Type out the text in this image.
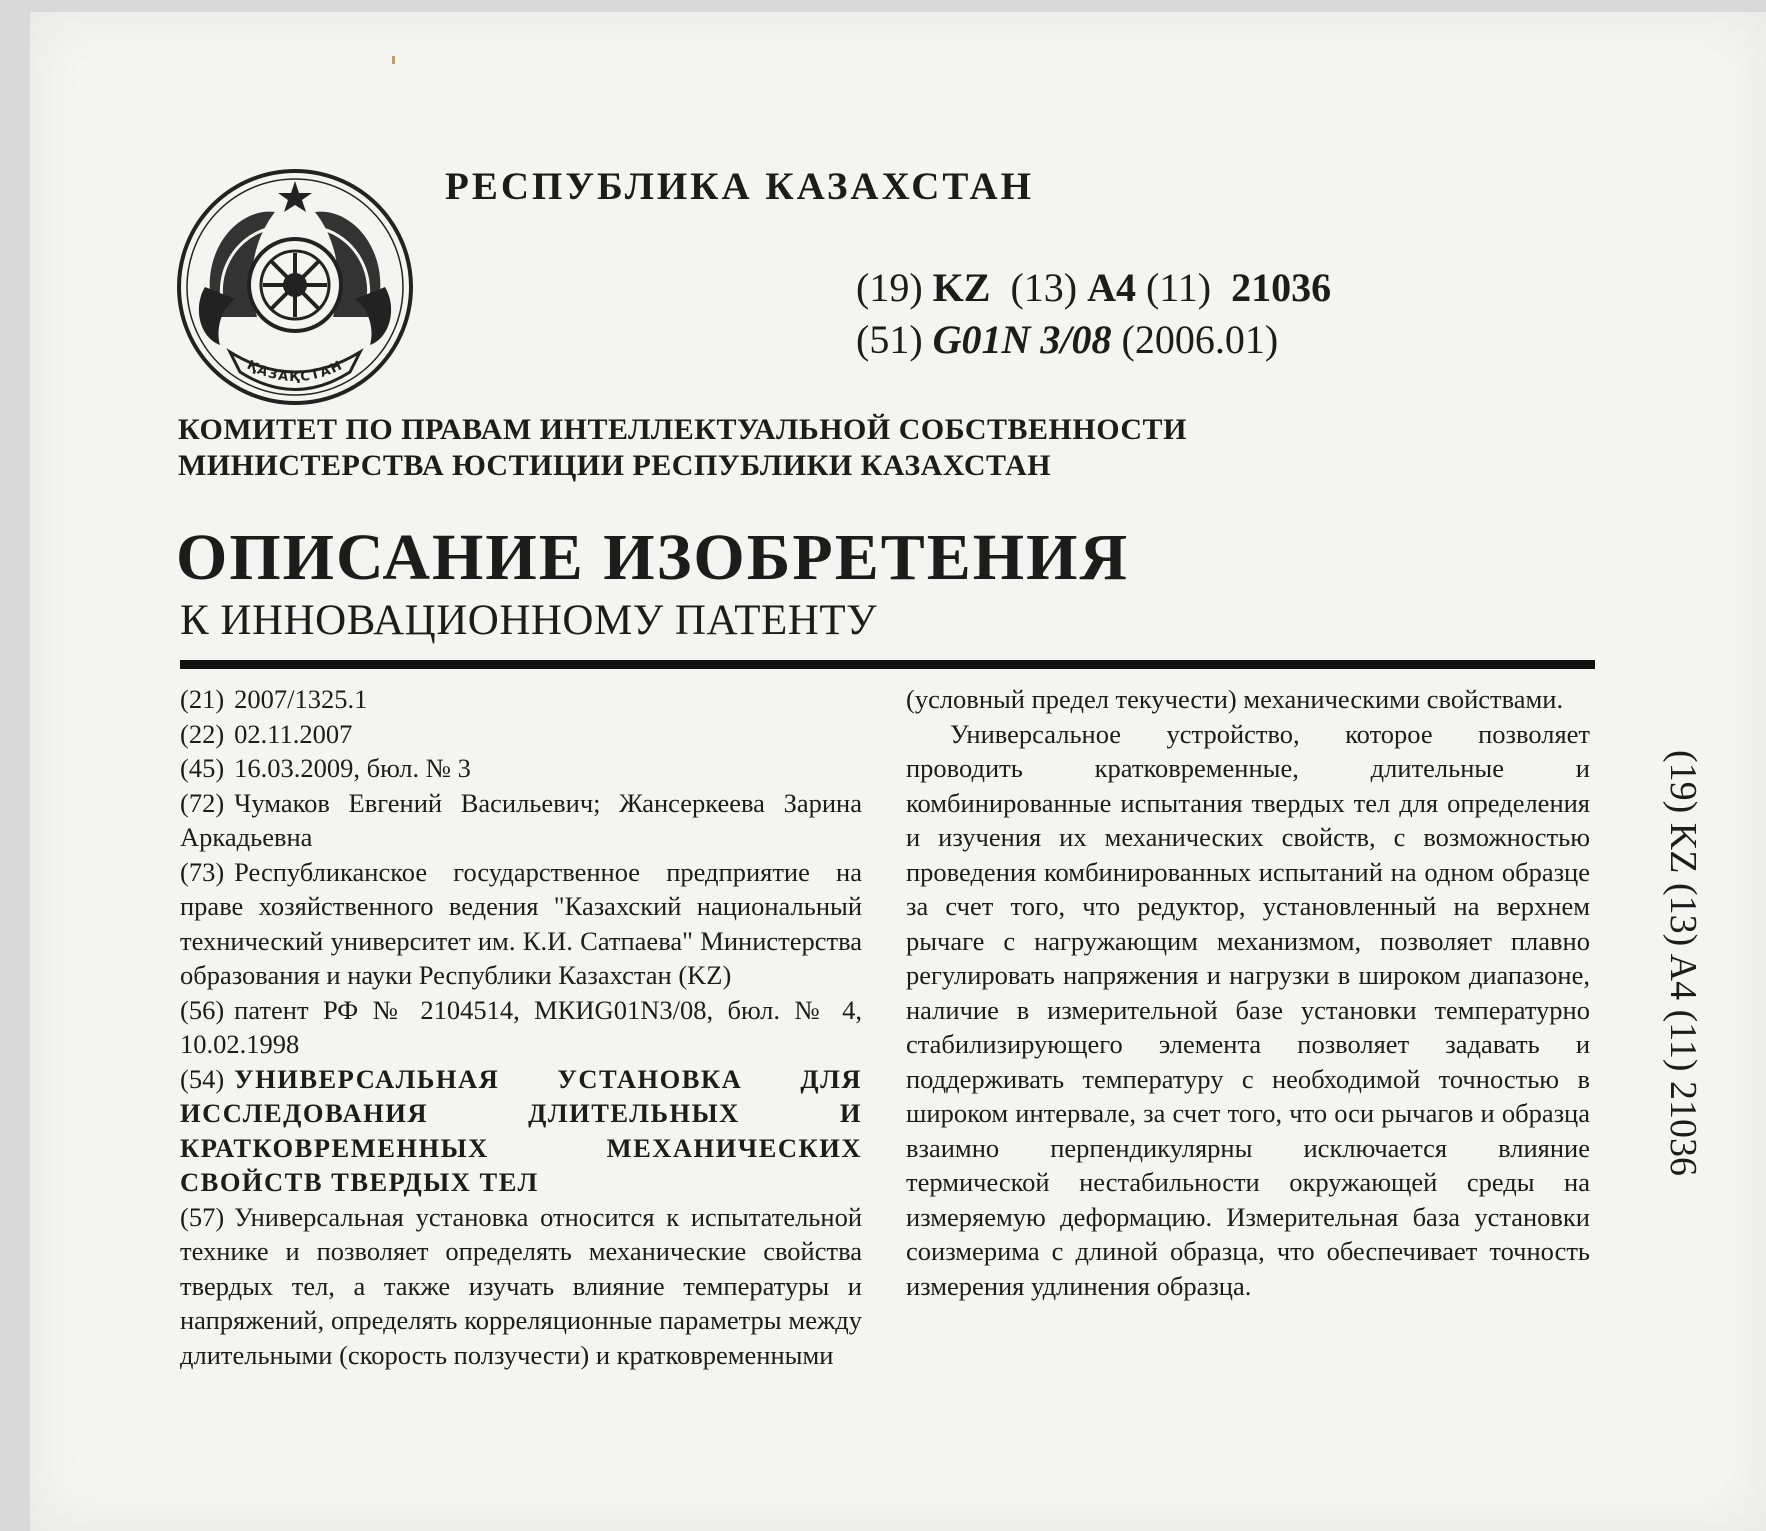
ҚАЗАҚСТАН
РЕСПУБЛИКА КАЗАХСТАН
(19) KZ (13) A4 (11) 21036
(51) G01N 3/08 (2006.01)
КОМИТЕТ ПО ПРАВАМ ИНТЕЛЛЕКТУАЛЬНОЙ СОБСТВЕННОСТИ
МИНИСТЕРСТВА ЮСТИЦИИ РЕСПУБЛИКИ КАЗАХСТАН
ОПИСАНИЕ ИЗОБРЕТЕНИЯ
К ИННОВАЦИОННОМУ ПАТЕНТУ

(21) 2007/1325.1

(22) 02.11.2007

(45) 16.03.2009, бюл. № 3

(72) Чумаков Евгений Васильевич; Жансеркеева Зарина Аркадьевна

(73) Республиканское государственное предприятие на праве хозяйственного ведения "Казахский национальный технический университет им. К.И. Сатпаева" Министерства образования и науки Республики Казахстан (KZ)

(56) патент РФ № 2104514, МКИG01N3/08, бюл. № 4, 10.02.1998

(54) УНИВЕРСАЛЬНАЯ УСТАНОВКА ДЛЯ ИССЛЕДОВАНИЯ ДЛИТЕЛЬНЫХ И КРАТКОВРЕМЕННЫХ МЕХАНИЧЕСКИХ СВОЙСТВ ТВЕРДЫХ ТЕЛ

(57) Универсальная установка относится к испытательной технике и позволяет определять механические свойства твердых тел, а также изучать влияние температуры и напряжений, определять корреляционные параметры между длительными (скорость ползучести) и кратковременными

(условный предел текучести) механическими свойствами.

Универсальное устройство, которое позволяет проводить кратковременные, длительные и комбинированные испытания твердых тел для определения и изучения их механических свойств, с возможностью проведения комбинированных испытаний на одном образце за счет того, что редуктор, установленный на верхнем рычаге с нагружающим механизмом, позволяет плавно регулировать напряжения и нагрузки в широком диапазоне, наличие в измерительной базе установки температурно стабилизирующего элемента позволяет задавать и поддерживать температуру с необходимой точностью в широком интервале, за счет того, что оси рычагов и образца взаимно перпендикулярны исключается влияние термической нестабильности окружающей среды на измеряемую деформацию. Измерительная база установки соизмерима с длиной образца, что обеспечивает точность измерения удлинения образца.

(19) KZ (13) A4 (11) 21036
